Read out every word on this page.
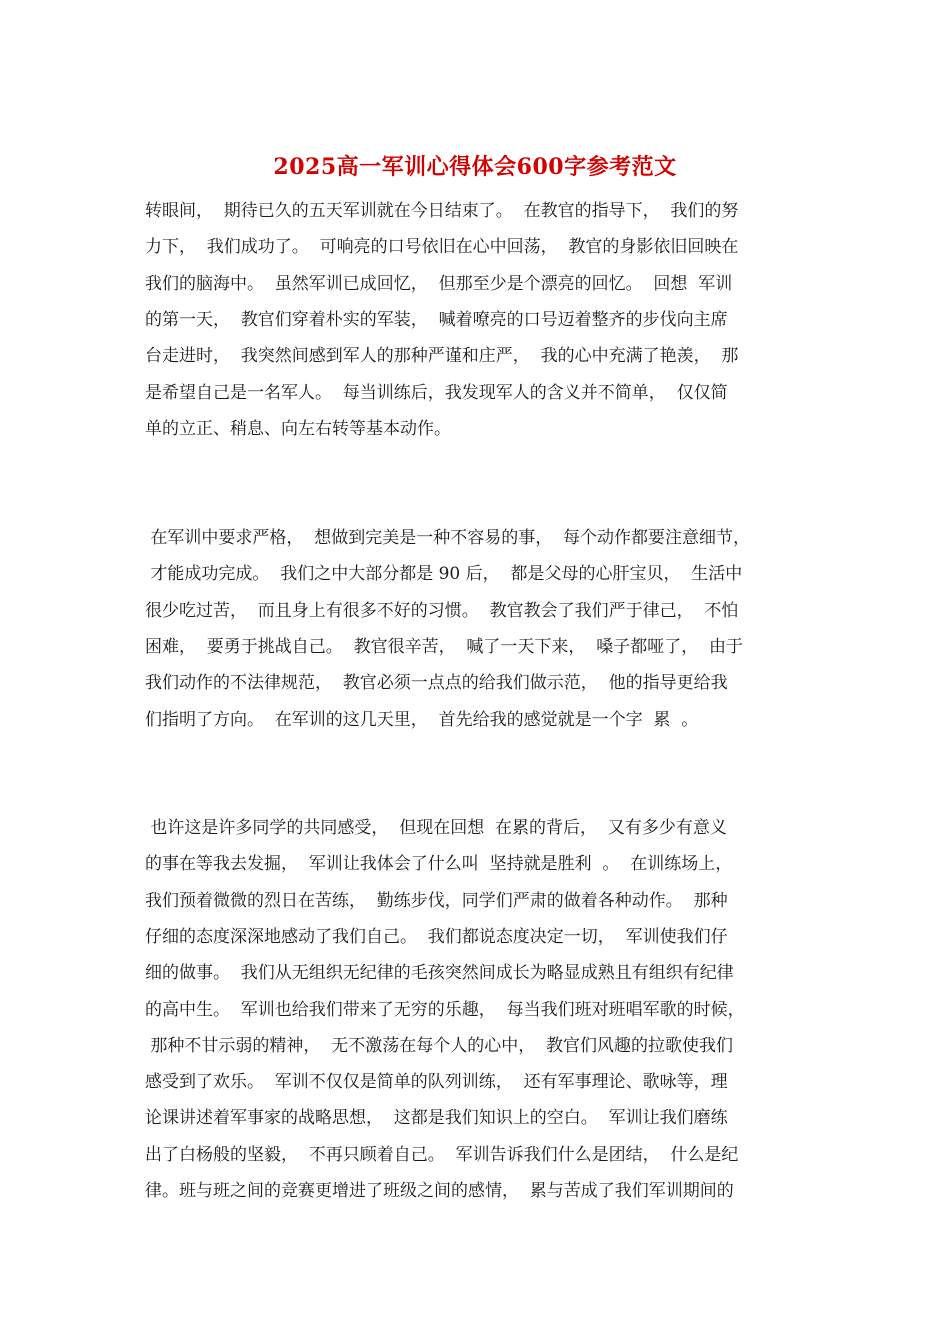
2025高一军训心得体会600字参考范文
转眼间，  期待已久的五天军训就在今日结束了。  在教官的指导下，  我们的努
力下，  我们成功了。  可响亮的口号依旧在心中回荡，  教官的身影依旧回映在
我们的脑海中。  虽然军训已成回忆，  但那至少是个漂亮的回忆。  回想  军训
的第一天，  教官们穿着朴实的军装，  喊着嘹亮的口号迈着整齐的步伐向主席
台走进时，  我突然间感到军人的那种严谨和庄严，  我的心中充满了艳羡，  那
是希望自己是一名军人。  每当训练后，我发现军人的含义并不简单，  仅仅简
单的立正、稍息、向左右转等基本动作。
在军训中要求严格，  想做到完美是一种不容易的事，  每个动作都要注意细节，
才能成功完成。  我们之中大部分都是 90 后，  都是父母的心肝宝贝，  生活中
很少吃过苦，  而且身上有很多不好的习惯。  教官教会了我们严于律己，  不怕
困难，  要勇于挑战自己。  教官很辛苦，  喊了一天下来，  嗓子都哑了，  由于
我们动作的不法律规范，  教官必须一点点的给我们做示范，  他的指导更给我
们指明了方向。  在军训的这几天里，  首先给我的感觉就是一个字  累  。
也许这是许多同学的共同感受，  但现在回想  在累的背后，  又有多少有意义
的事在等我去发掘，  军训让我体会了什么叫  坚持就是胜利  。  在训练场上，
我们预着微微的烈日在苦练，  勤练步伐，同学们严肃的做着各种动作。  那种
仔细的态度深深地感动了我们自己。  我们都说态度决定一切，  军训使我们仔
细的做事。  我们从无组织无纪律的毛孩突然间成长为略显成熟且有组织有纪律
的高中生。  军训也给我们带来了无穷的乐趣，  每当我们班对班唱军歌的时候，
那种不甘示弱的精神，  无不激荡在每个人的心中，  教官们风趣的拉歌使我们
感受到了欢乐。  军训不仅仅是简单的队列训练，  还有军事理论、歌咏等，理
论课讲述着军事家的战略思想，  这都是我们知识上的空白。  军训让我们磨练
出了白杨般的坚毅，  不再只顾着自己。  军训告诉我们什么是团结，  什么是纪
律。班与班之间的竞赛更增进了班级之间的感情，  累与苦成了我们军训期间的
